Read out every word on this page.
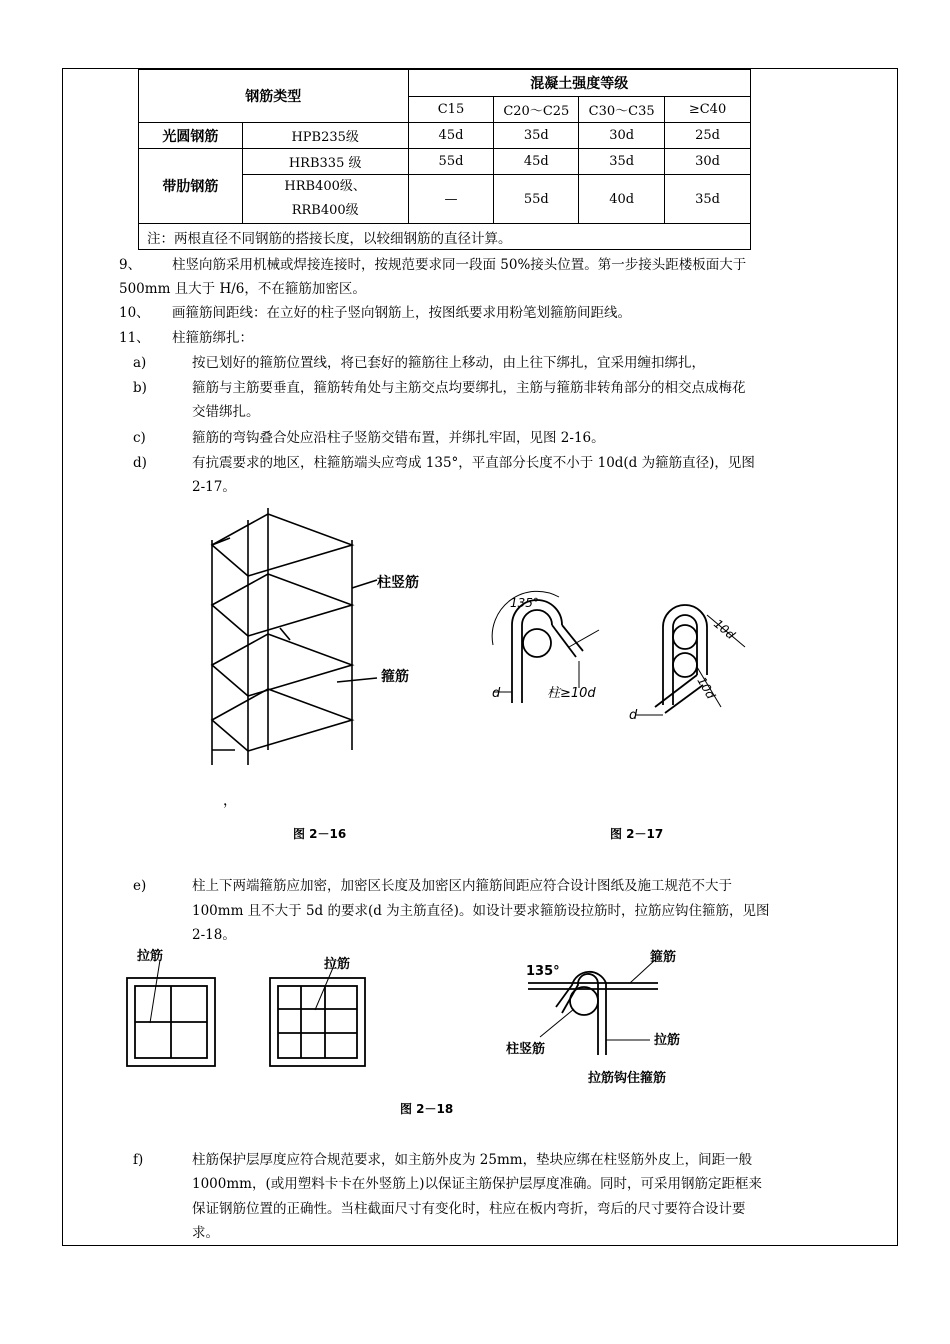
钢筋类型		混凝土强度等级			
		C15	C20～C25	C30～C35	≥C40
光圆钢筋	HPB235级	45d	35d	30d	25d
带肋钢筋	HRB335 级	55d	45d	35d	30d
	HRB400级、RRB400级	—	55d	40d	35d
注：两根直径不同钢筋的搭接长度，以较细钢筋的直径计算。					
9、 柱竖向筋采用机械或焊接连接时，按规范要求同一段面 50%接头位置。第一步接头距楼板面大于
500mm 且大于 H/6，不在箍筋加密区。
10、 画箍筋间距线：在立好的柱子竖向钢筋上，按图纸要求用粉笔划箍筋间距线。
11、 柱箍筋绑扎：
a)	按已划好的箍筋位置线，将已套好的箍筋往上移动，由上往下绑扎，宜采用缠扣绑扎，
b)	箍筋与主筋要垂直，箍筋转角处与主筋交点均要绑扎，主筋与箍筋非转角部分的相交点成梅花
交错绑扎。
c)	箍筋的弯钩叠合处应沿柱子竖筋交错布置，并绑扎牢固，见图 2-16。
d)	有抗震要求的地区，柱箍筋端头应弯成 135°，平直部分长度不小于 10d(d 为箍筋直径)，见图
2-17。
柱竖筋
箍筋
，
图 2－16
135°
d	柱≥10d
10d
10d
d
图 2－17
e)	柱上下两端箍筋应加密，加密区长度及加密区内箍筋间距应符合设计图纸及施工规范不大于
100mm 且不大于 5d 的要求(d 为主筋直径)。如设计要求箍筋设拉筋时，拉筋应钩住箍筋，见图
2-18。
拉筋
拉筋	135°
箍筋
柱竖筋
拉筋
拉筋钩住箍筋
图 2－18
f)	柱筋保护层厚度应符合规范要求，如主筋外皮为 25mm，垫块应绑在柱竖筋外皮上，间距一般
1000mm，(或用塑料卡卡在外竖筋上)以保证主筋保护层厚度准确。同时，可采用钢筋定距框来
保证钢筋位置的正确性。当柱截面尺寸有变化时，柱应在板内弯折，弯后的尺寸要符合设计要
求。
